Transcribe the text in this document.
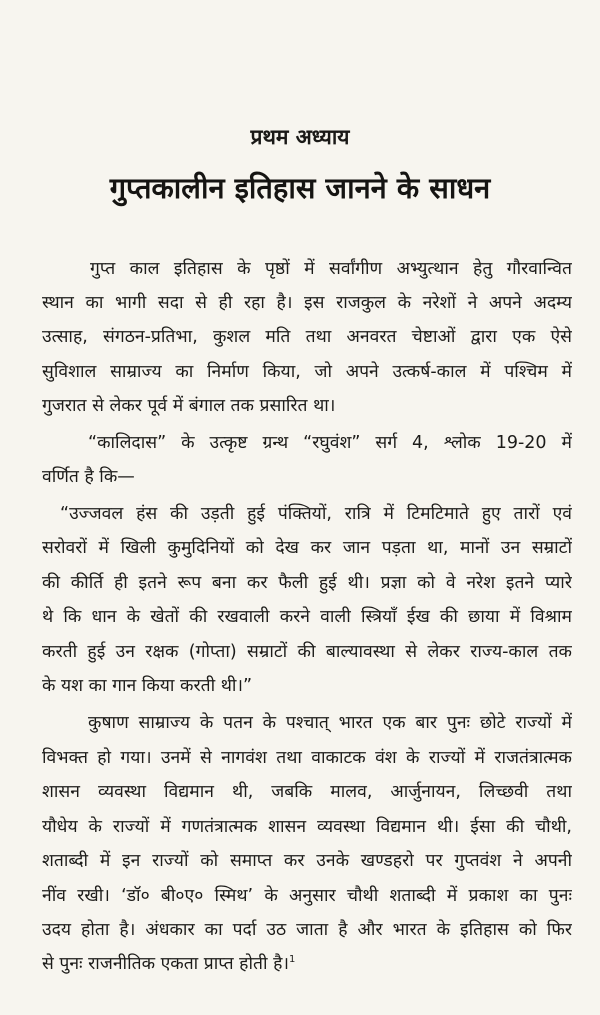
प्रथम अध्याय
गुप्तकालीन इतिहास जानने के साधन
गुप्त काल इतिहास के पृष्ठों में सर्वांगीण अभ्युत्थान हेतु गौरवान्वित
स्थान का भागी सदा से ही रहा है। इस राजकुल के नरेशों ने अपने अदम्य
उत्साह, संगठन-प्रतिभा, कुशल मति तथा अनवरत चेष्टाओं द्वारा एक ऐसे
सुविशाल साम्राज्य का निर्माण किया, जो अपने उत्कर्ष-काल में पश्चिम में
गुजरात से लेकर पूर्व में बंगाल तक प्रसारित था।
“कालिदास” के उत्कृष्ट ग्रन्थ “रघुवंश” सर्ग 4, श्लोक 19-20 में
वर्णित है कि—
“उज्जवल हंस की उड़ती हुई पंक्तियों, रात्रि में टिमटिमाते हुए तारों एवं
सरोवरों में खिली कुमुदिनियों को देख कर जान पड़ता था, मानों उन सम्राटों
की कीर्ति ही इतने रूप बना कर फैली हुई थी। प्रज्ञा को वे नरेश इतने प्यारे
थे कि धान के खेतों की रखवाली करने वाली स्त्रियाँ ईख की छाया में विश्राम
करती हुई उन रक्षक (गोप्ता) सम्राटों की बाल्यावस्था से लेकर राज्य-काल तक
के यश का गान किया करती थी।”
कुषाण साम्राज्य के पतन के पश्चात् भारत एक बार पुनः छोटे राज्यों में
विभक्त हो गया। उनमें से नागवंश तथा वाकाटक वंश के राज्यों में राजतंत्रात्मक
शासन व्यवस्था विद्यमान थी, जबकि मालव, आर्जुनायन, लिच्छवी तथा
यौधेय के राज्यों में गणतंत्रात्मक शासन व्यवस्था विद्यमान थी। ईसा की चौथी,
शताब्दी में इन राज्यों को समाप्त कर उनके खण्डहरो पर गुप्तवंश ने अपनी
नींव रखी। ‘डॉ० बी०ए० स्मिथ’ के अनुसार चौथी शताब्दी में प्रकाश का पुनः
उदय होता है। अंधकार का पर्दा उठ जाता है और भारत के इतिहास को फिर
से पुनः राजनीतिक एकता प्राप्त होती है।$^1$
